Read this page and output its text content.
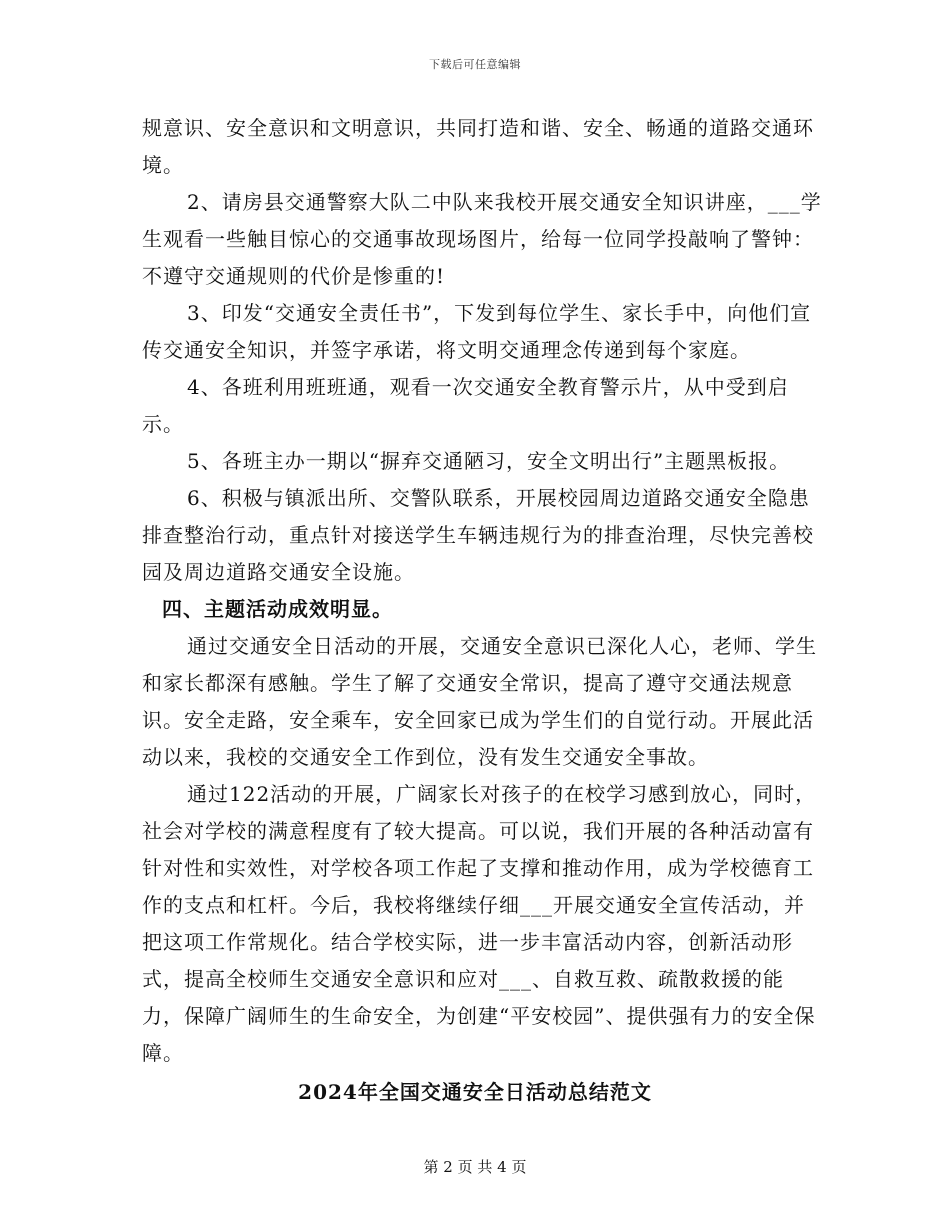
下载后可任意编辑

规意识、安全意识和文明意识，共同打造和谐、安全、畅通的道路交通环境。

2、请房县交通警察大队二中队来我校开展交通安全知识讲座，___学生观看一些触目惊心的交通事故现场图片，给每一位同学投敲响了警钟：不遵守交通规则的代价是惨重的!

3、印发“交通安全责任书”，下发到每位学生、家长手中，向他们宣传交通安全知识，并签字承诺，将文明交通理念传递到每个家庭。

4、各班利用班班通，观看一次交通安全教育警示片，从中受到启示。

5、各班主办一期以“摒弃交通陋习，安全文明出行”主题黑板报。

6、积极与镇派出所、交警队联系，开展校园周边道路交通安全隐患排查整治行动，重点针对接送学生车辆违规行为的排查治理，尽快完善校园及周边道路交通安全设施。

四、主题活动成效明显。

通过交通安全日活动的开展，交通安全意识已深化人心，老师、学生和家长都深有感触。学生了解了交通安全常识，提高了遵守交通法规意识。安全走路，安全乘车，安全回家已成为学生们的自觉行动。开展此活动以来，我校的交通安全工作到位，没有发生交通安全事故。

通过122活动的开展，广阔家长对孩子的在校学习感到放心，同时，社会对学校的满意程度有了较大提高。可以说，我们开展的各种活动富有针对性和实效性，对学校各项工作起了支撑和推动作用，成为学校德育工作的支点和杠杆。今后，我校将继续仔细___开展交通安全宣传活动，并把这项工作常规化。结合学校实际，进一步丰富活动内容，创新活动形式，提高全校师生交通安全意识和应对___、自救互救、疏散救援的能力，保障广阔师生的生命安全，为创建“平安校园”、提供强有力的安全保障。

2024年全国交通安全日活动总结范文
第 2 页 共 4 页
